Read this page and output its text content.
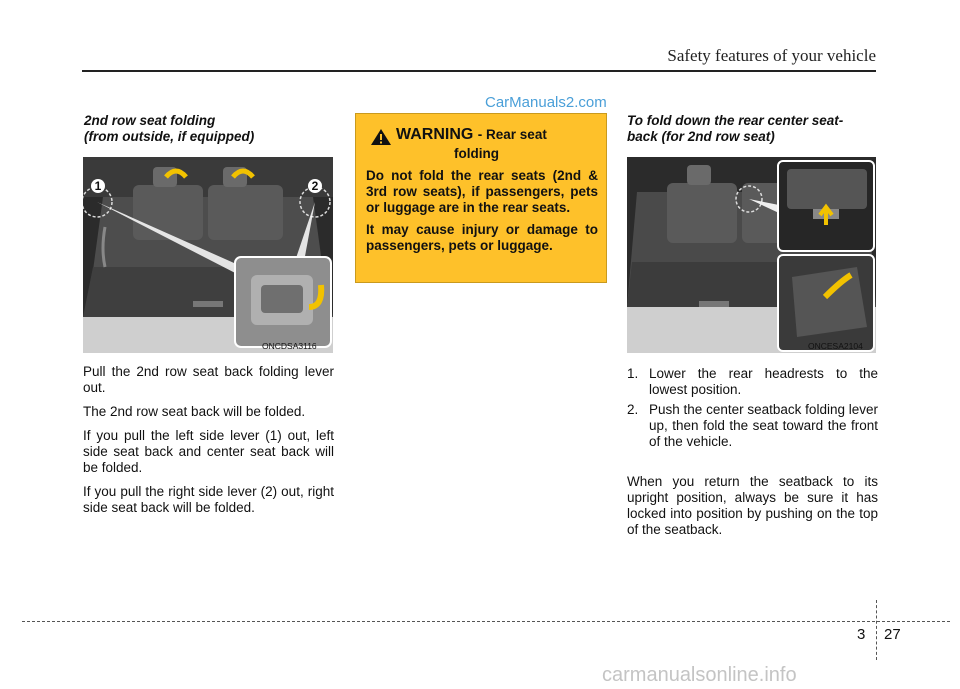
Safety features of your vehicle
CarManuals2.com
2nd row seat folding
(from outside, if equipped)
1	2
ONCDSA3116

Pull the 2nd row seat back folding lever out.

The 2nd row seat back will be folded.

If you pull the left side lever (1) out, left side seat back and center seat back will be folded.

If you pull the right side lever (2) out, right side seat back will be folded.

WARNING - Rear seat
folding

Do not fold the rear seats (2nd & 3rd row seats), if passengers, pets or luggage are in the rear seats.

It may cause injury or damage to passengers, pets or luggage.

To fold down the rear center seat-
back (for 2nd row seat)
ONCESA2104
1. Lower the rear headrests to the lowest position.
2. Push the center seatback folding lever up, then fold the seat toward the front of the vehicle.
When you return the seatback to its upright position, always be sure it has locked into position by pushing on the top of the seatback.
3 27
carmanualsonline.info
